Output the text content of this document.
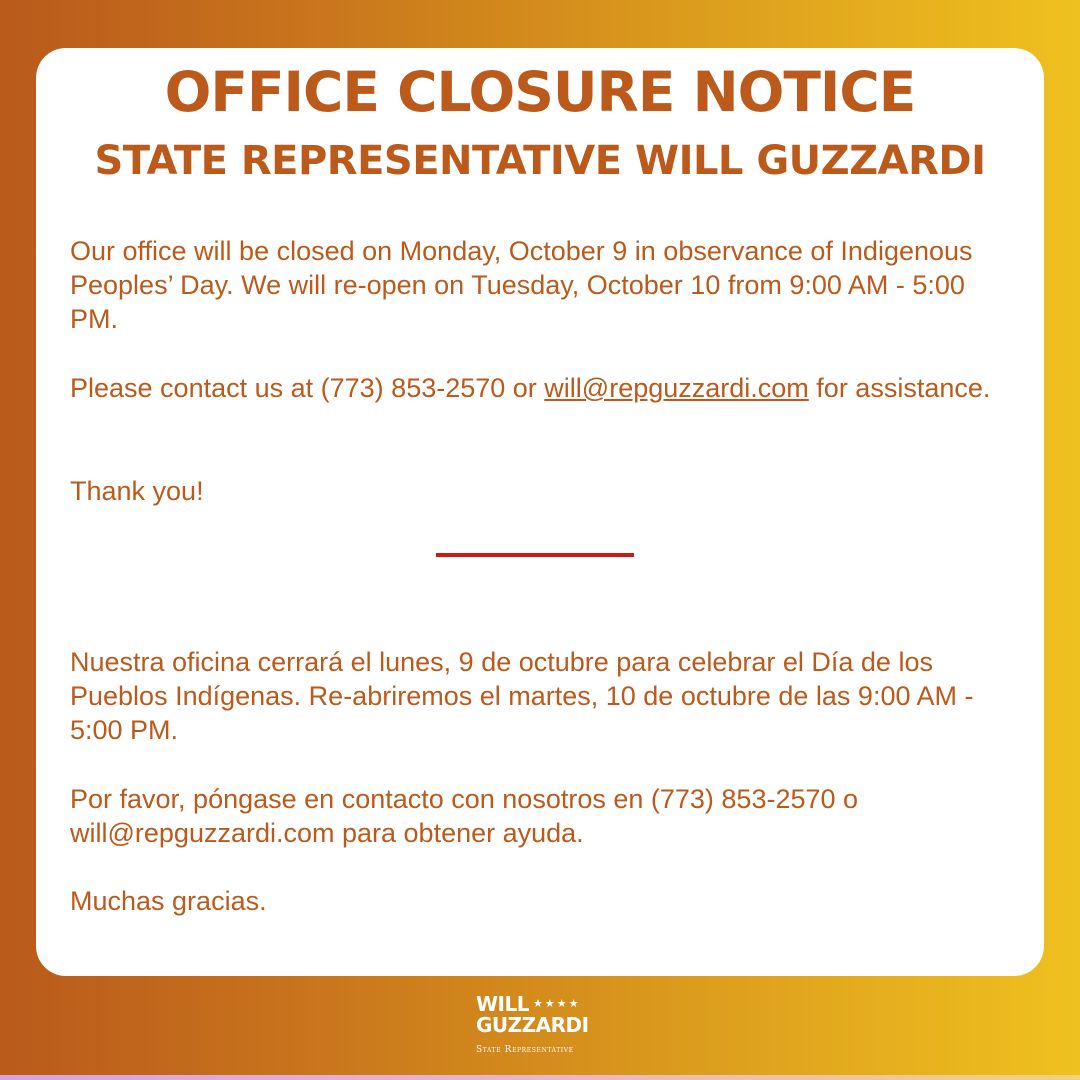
OFFICE CLOSURE NOTICE
STATE REPRESENTATIVE WILL GUZZARDI

Our office will be closed on Monday, October 9 in observance of Indigenous Peoples’ Day. We will re-open on Tuesday, October 10 from 9:00 AM - 5:00 PM.

Please contact us at (773) 853-2570 or will@repguzzardi.com for assistance.

Thank you!

Nuestra oficina cerrará el lunes, 9 de octubre para celebrar el Día de los Pueblos Indígenas. Re-abriremos el martes, 10 de octubre de las 9:00 AM - 5:00 PM.

Por favor, póngase en contacto con nosotros en (773) 853-2570 o will@repguzzardi.com para obtener ayuda.

Muchas gracias.

WILL ★★★★
GUZZARDI
State Representative
